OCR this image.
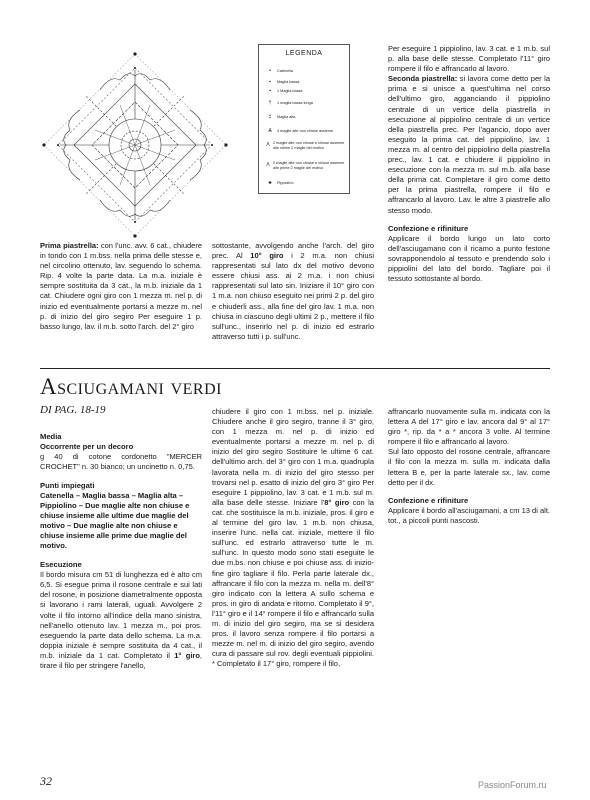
LEGENDA
•	Catenella
▪	Maglia bassa
▪	1 Maglia bassa
†	1 maglia bassa lunga
‡	Maglia alta
Ѧ	4 maglie alte non chiuse assieme
Λ 2 maglie alte non chiuse e chiuse assieme alle ultime 2 maglie del motivo
Λ 2 maglie alte non chiuse e chiuse assieme alle prime 2 maglie del motivo
♣	Pippiolino
Prima piastrella: con l'unc. avv. 6 cat., chiudere in tondo con 1 m.bss. nella prima delle stesse e, nel circolino ottenuto, lav. seguendo lo schema. Rip. 4 volte la parte data. La m.a. iniziale è sempre sostituita da 3 cat., la m.b. iniziale da 1 cat. Chiudere ogni giro con 1 mezza m. nel p. di inizio ed eventualmente portarsi a mezze m. nel p. di inizio del giro segiro Per eseguire 1 p. basso lungo, lav. il m.b. sotto l'arch. del 2° giro
sottostante, avvolgendo anche l'arch. del giro prec. Al 10° giro i 2 m.a. non chiusi rappresentati sul lato dx del motivo devono essere chiusi ass. ai 2 m.a. i non chiusi rappresentati sul lato sin. Iniziare il 10° giro con 1 m.a. non chiuso eseguito nei primi 2 p. del giro e chiuderli ass., alla fine del giro lav. 1 m.a. non chiusa in ciascuno degli ultimi 2 p., mettere il filo sull'unc., inserirlo nel p. di inizio ed estrarlo attraverso tutti i p. sull'unc.
Per eseguire 1 pippiolino, lav. 3 cat. e 1 m.b. sul p. alla base delle stesse. Completato l'11° giro rompere il filo e affrancarlo al lavoro.
Seconda piastrella: si lavora come detto per la prima e si unisce a quest'ultima nel corso dell'ultimo giro, agganciando il pippiolino centrale di un vertice della piastrella in esecuzione al pippiolino centrale di un vertice della piastrella prec. Per l'agancio, dopo aver eseguito la prima cat. del pippiolino, lav. 1 mezza m. al centro del pippiolino della piastrella prec., lav. 1 cat. e chiudere il pippiolino in esecuzione con la mezza m. sul m.b. alla base della prima cat. Completare il giro come detto per la prima piastrella, rompere il filo e affrancarlo al lavoro. Lav. le altre 3 piastrelle allo stesso modo.
Confezione e rifiniture
Applicare il bordo lungo un lato corto dell'asciugamano con il ricamo a punto festone sovrapponendolo al tessuto e prendendo solo i pippiolini del lato del bordo. Tagliare poi il tessuto sottostante al bordo.
Asciugamani verdi
DI PAG. 18-19
Media
Occorrente per un decoro
g 40 di cotone cordonetto "MERCER CROCHET" n. 30 bianco; un uncinetto n. 0,75.
Punti impiegati
Catenella – Maglia bassa – Maglia alta – Pippiolino – Due maglie alte non chiuse e chiuse insieme alle ultime due maglie del motivo – Due maglie alte non chiuse e chiuse insieme alle prime due maglie del motivo.
Esecuzione
Il bordo misura cm 51 di lunghezza ed è alto cm 6,5. Si esegue prima il rosone centrale e sui lati del rosone, in posizione diametralmente opposta si lavorano i rami laterali, uguali. Avvolgere 2 volte il filo intorno all'indice della mano sinistra, nell'anello ottenuto lav. 1 mezza m., poi pros. eseguendo la parte data dello schema. La m.a. doppia iniziale è sempre sostituita da 4 cat., il m.b. iniziale da 1 cat. Completato il 1° giro, tirare il filo per stringere l'anello,
chiudere il giro con 1 m.bss. nel p. iniziale. Chiudere anche il giro segiro, tranne il 3° giro, con 1 mezza m. nel p. di inizio ed eventualmente portarsi a mezze m. nel p. di inizio del giro segiro Sostituire le ultime 6 cat. dell'ultimo arch. del 3° giro con 1 m.a. quadrupla lavorata nella m. di inizio del giro stesso per trovarsi nel p. esatto di inizio del giro 3° giro Per eseguire 1 pippiolino, lav. 3 cat. e 1 m.b. sul m. alla base delle stesse. Iniziare l'8° giro con la cat. che sostituisce la m.b. iniziale, pros. il giro e al termine del giro lav. 1 m.b. non chiusa, inserire l'unc. nella cat. iniziale, mettere il filo sull'unc. ed estrarlo attraverso tutte le m. sull'unc. In questo modo sono stati eseguite le due m.bs. non chiuse e poi chiuse ass. di inizio-fine giro tagliare il filo. Perla parte laterale dx., affrancare il filo con la mezza m. nella m. dell'8° giro indicato con la lettera A sullo schema e pros. in giro di andata e ritorno. Completato il 9°, l'11° giro e il 14° rompere il filo e affrancarlo sulla m. di inizio del giro segiro, ma se si desidera pros. il lavoro senza rompere il filo portarsi a mezze m. nel m. di inizio del giro segiro, avendo cura di passare sul rov. degli eventuali pippiolini. * Completato il 17° giro, rompere il filo,
affrancarlo nuovamente sulla m. indicata con la lettera A del 17° giro e lav. ancora dal 9° al 17° giro *, rip. da * a * ancora 3 volte. Al termine rompere il filo e affrancarlo al lavoro.
Sul lato opposto del rosone centrale, affrancare il filo con la mezza m. sulla m. indicata dalla lettera B e, per la parte laterale sx., lav. come detto per il dx.
Confezione e rifiniture
Applicare il bordo all'asciugamani, a cm 13 di alt. tot., a piccoli punti nascosti.
32	PassionForum.ru
